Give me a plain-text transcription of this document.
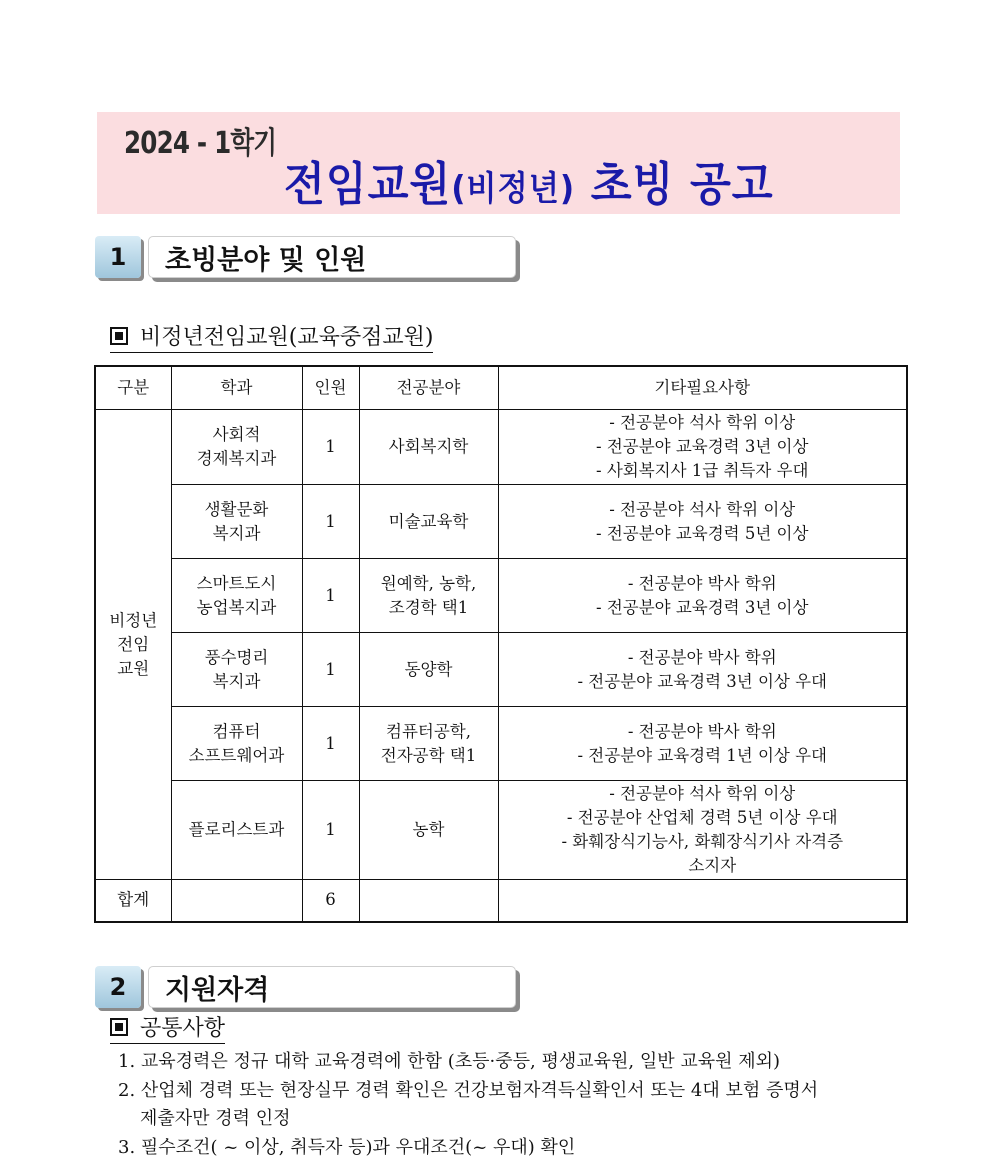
2024 - 1학기
전임교원(비정년) 초빙 공고
1	초빙분야 및 인원
비정년전임교원(교육중점교원)
구분	학과	인원	전공분야	기타필요사항

비정년
전임
교원	사회적
경제복지과	1	사회복지학	- 전공분야 석사 학위 이상
- 전공분야 교육경력 3년 이상
- 사회복지사 1급 취득자 우대

	생활문화
복지과	1	미술교육학	- 전공분야 석사 학위 이상
- 전공분야 교육경력 5년 이상

	스마트도시
농업복지과	1	원예학, 농학,
조경학 택1	- 전공분야 박사 학위
- 전공분야 교육경력 3년 이상

	풍수명리
복지과	1	동양학	- 전공분야 박사 학위
- 전공분야 교육경력 3년 이상 우대

	컴퓨터
소프트웨어과	1	컴퓨터공학,
전자공학 택1	- 전공분야 박사 학위
- 전공분야 교육경력 1년 이상 우대

	플로리스트과	1	농학	- 전공분야 석사 학위 이상
- 전공분야 산업체 경력 5년 이상 우대
- 화훼장식기능사, 화훼장식기사 자격증
소지자

합계		6		
2	지원자격
공통사항
1. 교육경력은 정규 대학 교육경력에 한함 (초등·중등, 평생교육원, 일반 교육원 제외)
2. 산업체 경력 또는 현장실무 경력 확인은 건강보험자격득실확인서 또는 4대 보험 증명서
제출자만 경력 인정
3. 필수조건( ~ 이상, 취득자 등)과 우대조건(~ 우대) 확인
